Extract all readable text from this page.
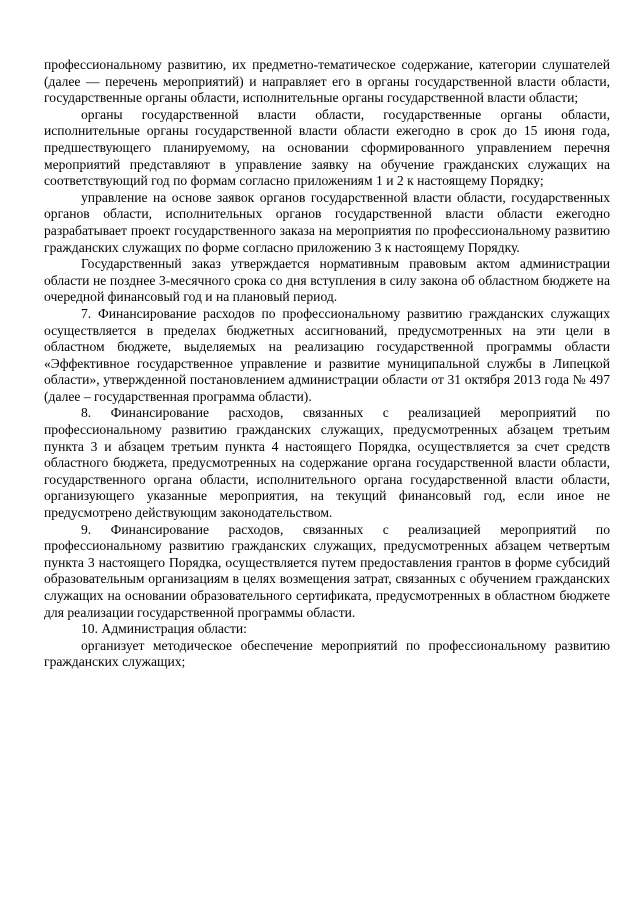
профессиональному развитию, их предметно-тематическое содержание, категории слушателей (далее — перечень мероприятий) и направляет его в органы государственной власти области, государственные органы области, исполнительные органы государственной власти области;

органы государственной власти области, государственные органы области, исполнительные органы государственной власти области ежегодно в срок до 15 июня года, предшествующего планируемому, на основании сформированного управлением перечня мероприятий представляют в управление заявку на обучение гражданских служащих на соответствующий год по формам согласно приложениям 1 и 2 к настоящему Порядку;

управление на основе заявок органов государственной власти области, государственных органов области, исполнительных органов государственной власти области ежегодно разрабатывает проект государственного заказа на мероприятия по профессиональному развитию гражданских служащих по форме согласно приложению 3 к настоящему Порядку.

Государственный заказ утверждается нормативным правовым актом администрации области не позднее 3-месячного срока со дня вступления в силу закона об областном бюджете на очередной финансовый год и на плановый период.

7. Финансирование расходов по профессиональному развитию гражданских служащих осуществляется в пределах бюджетных ассигнований, предусмотренных на эти цели в областном бюджете, выделяемых на реализацию государственной программы области «Эффективное государственное управление и развитие муниципальной службы в Липецкой области», утвержденной постановлением администрации области от 31 октября 2013 года № 497 (далее – государственная программа области).

8. Финансирование расходов, связанных с реализацией мероприятий по профессиональному развитию гражданских служащих, предусмотренных абзацем третьим пункта 3 и абзацем третьим пункта 4 настоящего Порядка, осуществляется за счет средств областного бюджета, предусмотренных на содержание органа государственной власти области, государственного органа области, исполнительного органа государственной власти области, организующего указанные мероприятия, на текущий финансовый год, если иное не предусмотрено действующим законодательством.

9. Финансирование расходов, связанных с реализацией мероприятий по профессиональному развитию гражданских служащих, предусмотренных абзацем четвертым пункта 3 настоящего Порядка, осуществляется путем предоставления грантов в форме субсидий образовательным организациям в целях возмещения затрат, связанных с обучением гражданских служащих на основании образовательного сертификата, предусмотренных в областном бюджете для реализации государственной программы области.

10. Администрация области:

организует методическое обеспечение мероприятий по профессиональному развитию гражданских служащих;
